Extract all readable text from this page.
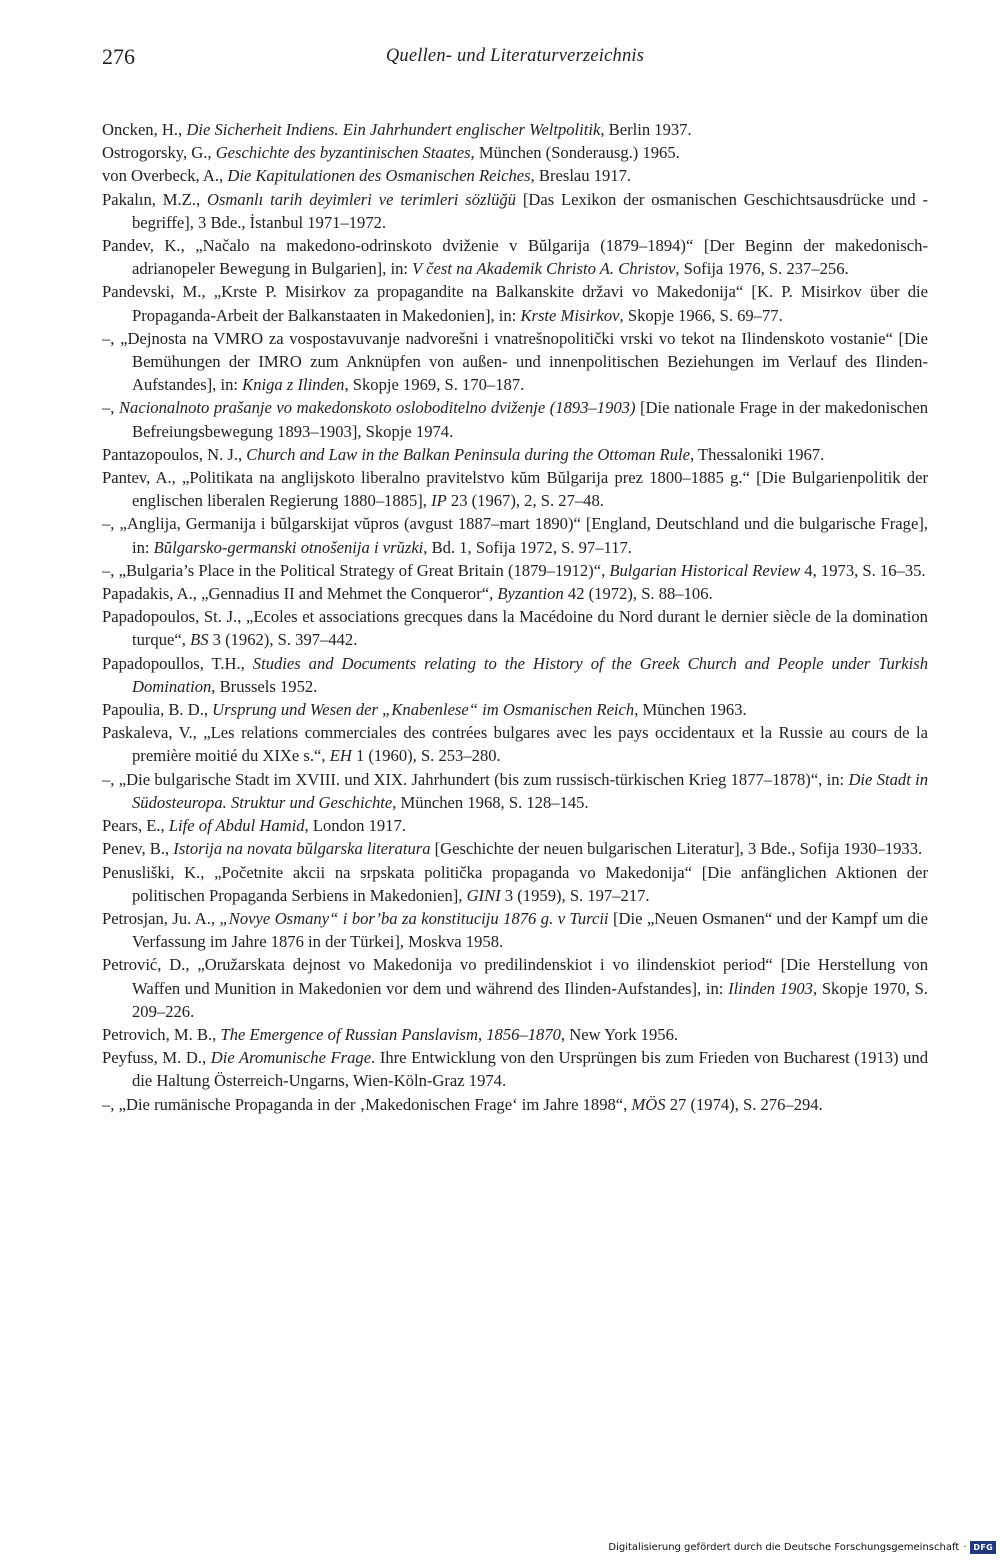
276	Quellen- und Literaturverzeichnis
Oncken, H., Die Sicherheit Indiens. Ein Jahrhundert englischer Weltpolitik, Berlin 1937.
Ostrogorsky, G., Geschichte des byzantinischen Staates, München (Sonderausg.) 1965.
von Overbeck, A., Die Kapitulationen des Osmanischen Reiches, Breslau 1917.
Pakalın, M.Z., Osmanlı tarih deyimleri ve terimleri sözlüğü [Das Lexikon der osmanischen Geschichtsausdrücke und -begriffe], 3 Bde., İstanbul 1971–1972.
Pandev, K., „Načalo na makedono-odrinskoto dviženie v Bŭlgarija (1879–1894)“ [Der Beginn der makedonisch-adrianopeler Bewegung in Bulgarien], in: V čest na Akademik Christo A. Christov, Sofija 1976, S. 237–256.
Pandevski, M., „Krste P. Misirkov za propagandite na Balkanskite državi vo Makedonija“ [K. P. Misirkov über die Propaganda-Arbeit der Balkanstaaten in Makedonien], in: Krste Misirkov, Skopje 1966, S. 69–77.
–, „Dejnosta na VMRO za vospostavuvanje nadvorešni i vnatrešnopolitički vrski vo tekot na Ilindenskoto vostanie“ [Die Bemühungen der IMRO zum Anknüpfen von außen- und innenpolitischen Beziehungen im Verlauf des Ilinden-Aufstandes], in: Kniga z Ilinden, Skopje 1969, S. 170–187.
–, Nacionalnoto prašanje vo makedonskoto osloboditelno dviženje (1893–1903) [Die nationale Frage in der makedonischen Befreiungsbewegung 1893–1903], Skopje 1974.
Pantazopoulos, N. J., Church and Law in the Balkan Peninsula during the Ottoman Rule, Thessaloniki 1967.
Pantev, A., „Politikata na anglijskoto liberalno pravitelstvo kŭm Bŭlgarija prez 1800–1885 g.“ [Die Bulgarienpolitik der englischen liberalen Regierung 1880–1885], IP 23 (1967), 2, S. 27–48.
–, „Anglija, Germanija i bŭlgarskijat vŭpros (avgust 1887–mart 1890)“ [England, Deutschland und die bulgarische Frage], in: Bŭlgarsko-germanski otnošenija i vrŭzki, Bd. 1, Sofija 1972, S. 97–117.
–, „Bulgaria’s Place in the Political Strategy of Great Britain (1879–1912)“, Bulgarian Historical Review 4, 1973, S. 16–35.
Papadakis, A., „Gennadius II and Mehmet the Conqueror“, Byzantion 42 (1972), S. 88–106.
Papadopoulos, St. J., „Ecoles et associations grecques dans la Macédoine du Nord durant le dernier siècle de la domination turque“, BS 3 (1962), S. 397–442.
Papadopoullos, T.H., Studies and Documents relating to the History of the Greek Church and People under Turkish Domination, Brussels 1952.
Papoulia, B. D., Ursprung und Wesen der „Knabenlese“ im Osmanischen Reich, München 1963.
Paskaleva, V., „Les relations commerciales des contrées bulgares avec les pays occidentaux et la Russie au cours de la première moitié du XIXe s.“, EH 1 (1960), S. 253–280.
–, „Die bulgarische Stadt im XVIII. und XIX. Jahrhundert (bis zum russisch-türkischen Krieg 1877–1878)“, in: Die Stadt in Südosteuropa. Struktur und Geschichte, München 1968, S. 128–145.
Pears, E., Life of Abdul Hamid, London 1917.
Penev, B., Istorija na novata bŭlgarska literatura [Geschichte der neuen bulgarischen Literatur], 3 Bde., Sofija 1930–1933.
Penusliški, K., „Početnite akcii na srpskata politička propaganda vo Makedonija“ [Die anfänglichen Aktionen der politischen Propaganda Serbiens in Makedonien], GINI 3 (1959), S. 197–217.
Petrosjan, Ju. A., „Novye Osmany“ i bor’ba za konstituciju 1876 g. v Turcii [Die „Neuen Osmanen“ und der Kampf um die Verfassung im Jahre 1876 in der Türkei], Moskva 1958.
Petrović, D., „Oružarskata dejnost vo Makedonija vo predilindenskiot i vo ilindenskiot period“ [Die Herstellung von Waffen und Munition in Makedonien vor dem und während des Ilinden-Aufstandes], in: Ilinden 1903, Skopje 1970, S. 209–226.
Petrovich, M. B., The Emergence of Russian Panslavism, 1856–1870, New York 1956.
Peyfuss, M. D., Die Aromunische Frage. Ihre Entwicklung von den Ursprüngen bis zum Frieden von Bucharest (1913) und die Haltung Österreich-Ungarns, Wien-Köln-Graz 1974.
–, „Die rumänische Propaganda in der ‚Makedonischen Frage‘ im Jahre 1898“, MÖS 27 (1974), S. 276–294.
Digitalisierung gefördert durch die Deutsche Forschungsgemeinschaft · DFG
